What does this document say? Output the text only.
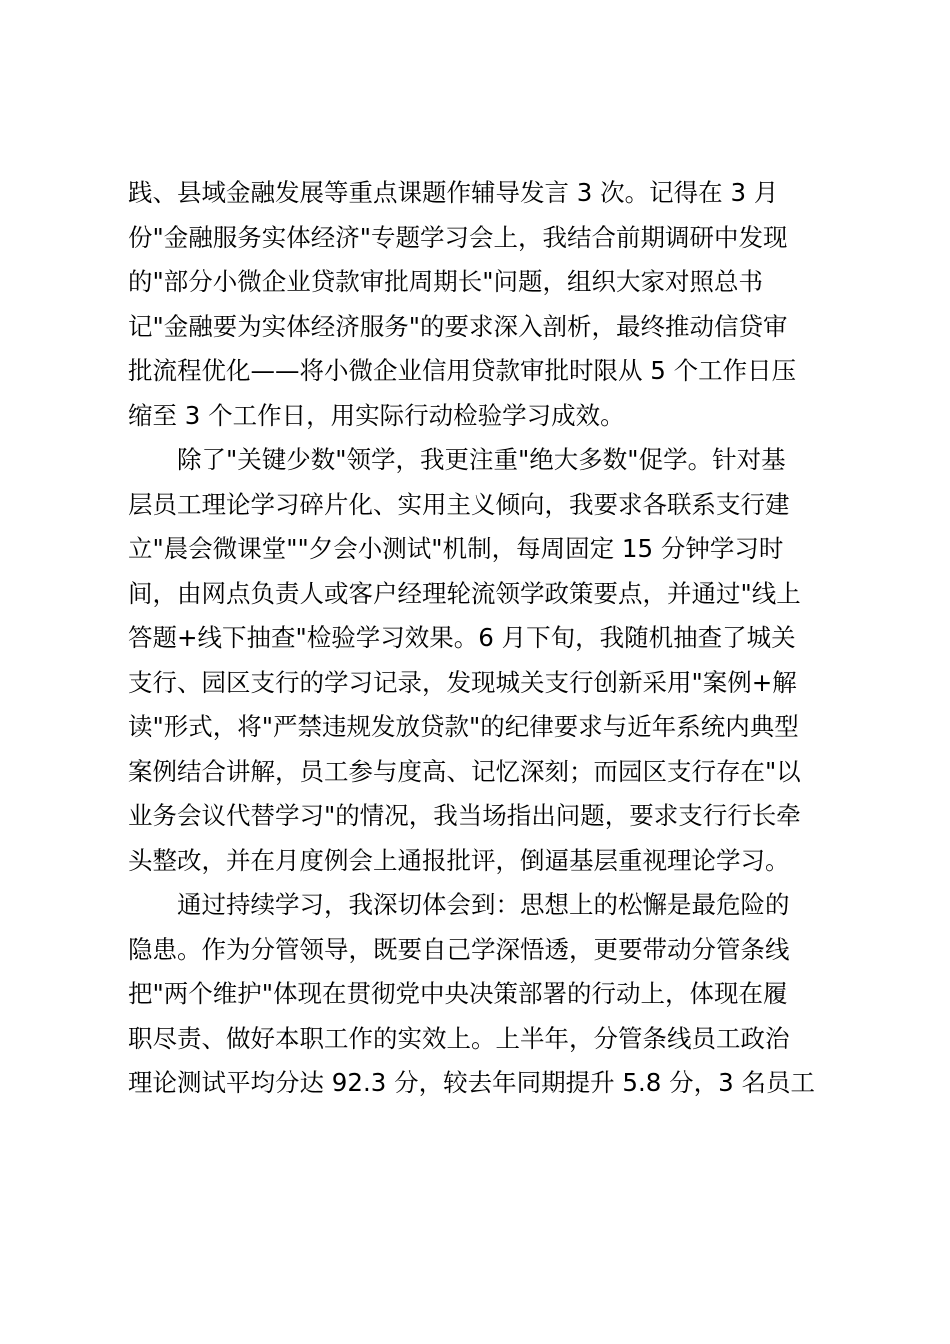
践、县域金融发展等重点课题作辅导发言 3 次。记得在 3 月
份"金融服务实体经济"专题学习会上，我结合前期调研中发现
的"部分小微企业贷款审批周期长"问题，组织大家对照总书
记"金融要为实体经济服务"的要求深入剖析，最终推动信贷审
批流程优化——将小微企业信用贷款审批时限从 5 个工作日压
缩至 3 个工作日，用实际行动检验学习成效。
除了"关键少数"领学，我更注重"绝大多数"促学。针对基
层员工理论学习碎片化、实用主义倾向，我要求各联系支行建
立"晨会微课堂""夕会小测试"机制，每周固定 15 分钟学习时
间，由网点负责人或客户经理轮流领学政策要点，并通过"线上
答题+线下抽查"检验学习效果。6 月下旬，我随机抽查了城关
支行、园区支行的学习记录，发现城关支行创新采用"案例+解
读"形式，将"严禁违规发放贷款"的纪律要求与近年系统内典型
案例结合讲解，员工参与度高、记忆深刻；而园区支行存在"以
业务会议代替学习"的情况，我当场指出问题，要求支行行长牵
头整改，并在月度例会上通报批评，倒逼基层重视理论学习。
通过持续学习，我深切体会到：思想上的松懈是最危险的
隐患。作为分管领导，既要自己学深悟透，更要带动分管条线
把"两个维护"体现在贯彻党中央决策部署的行动上，体现在履
职尽责、做好本职工作的实效上。上半年，分管条线员工政治
理论测试平均分达 92.3 分，较去年同期提升 5.8 分，3 名员工
